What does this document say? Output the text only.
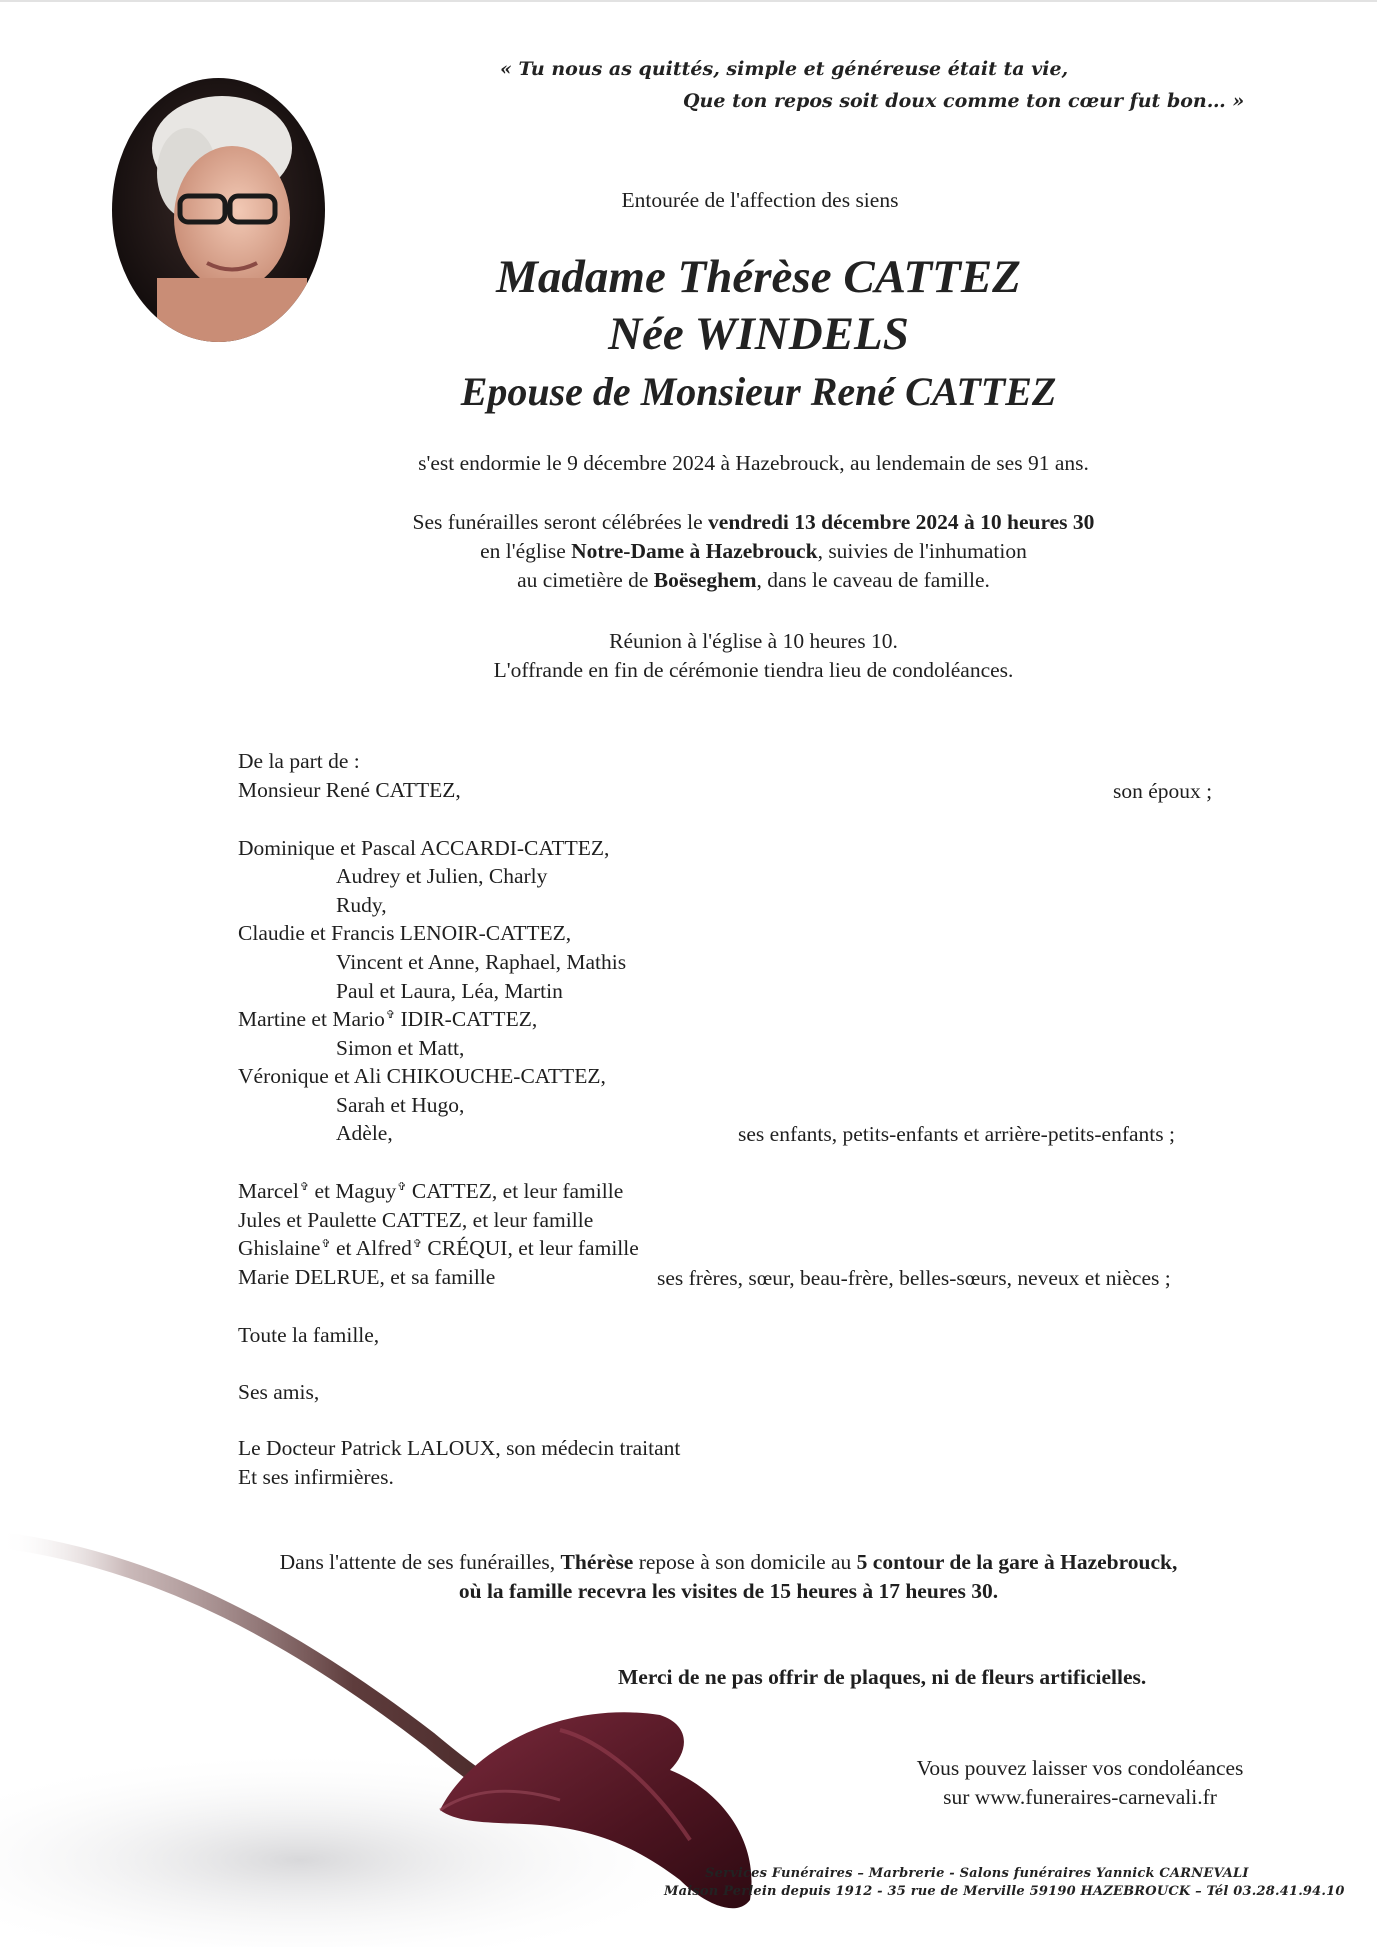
« Tu nous as quittés, simple et généreuse était ta vie,
Que ton repos soit doux comme ton cœur fut bon… »
Entourée de l'affection des siens
Madame Thérèse CATTEZ
Née WINDELS
Epouse de Monsieur René CATTEZ
s'est endormie le 9 décembre 2024 à Hazebrouck, au lendemain de ses 91 ans.
Ses funérailles seront célébrées le vendredi 13 décembre 2024 à 10 heures 30
en l'église Notre-Dame à Hazebrouck, suivies de l'inhumation
au cimetière de Boëseghem, dans le caveau de famille.
Réunion à l'église à 10 heures 10.
L'offrande en fin de cérémonie tiendra lieu de condoléances.
De la part de :
Monsieur René CATTEZ,	son époux ;
Dominique et Pascal ACCARDI-CATTEZ,
Audrey et Julien, Charly
Rudy,
Claudie et Francis LENOIR-CATTEZ,
Vincent et Anne, Raphael, Mathis
Paul et Laura, Léa, Martin
Martine et Mario✞ IDIR-CATTEZ,
Simon et Matt,
Véronique et Ali CHIKOUCHE-CATTEZ,
Sarah et Hugo,
Adèle,	ses enfants, petits-enfants et arrière-petits-enfants ;
Marcel✞ et Maguy✞ CATTEZ, et leur famille
Jules et Paulette CATTEZ, et leur famille
Ghislaine✞ et Alfred✞ CRÉQUI, et leur famille
Marie DELRUE, et sa famille	ses frères, sœur, beau-frère, belles-sœurs, neveux et nièces ;
Toute la famille,
Ses amis,
Le Docteur Patrick LALOUX, son médecin traitant
Et ses infirmières.
Dans l'attente de ses funérailles, Thérèse repose à son domicile au 5 contour de la gare à Hazebrouck,
où la famille recevra les visites de 15 heures à 17 heures 30.
Merci de ne pas offrir de plaques, ni de fleurs artificielles.
Vous pouvez laisser vos condoléances
sur www.funeraires-carnevali.fr
Services Funéraires – Marbrerie - Salons funéraires Yannick CARNEVALI
Maison Perlein depuis 1912 - 35 rue de Merville 59190 HAZEBROUCK – Tél 03.28.41.94.10
